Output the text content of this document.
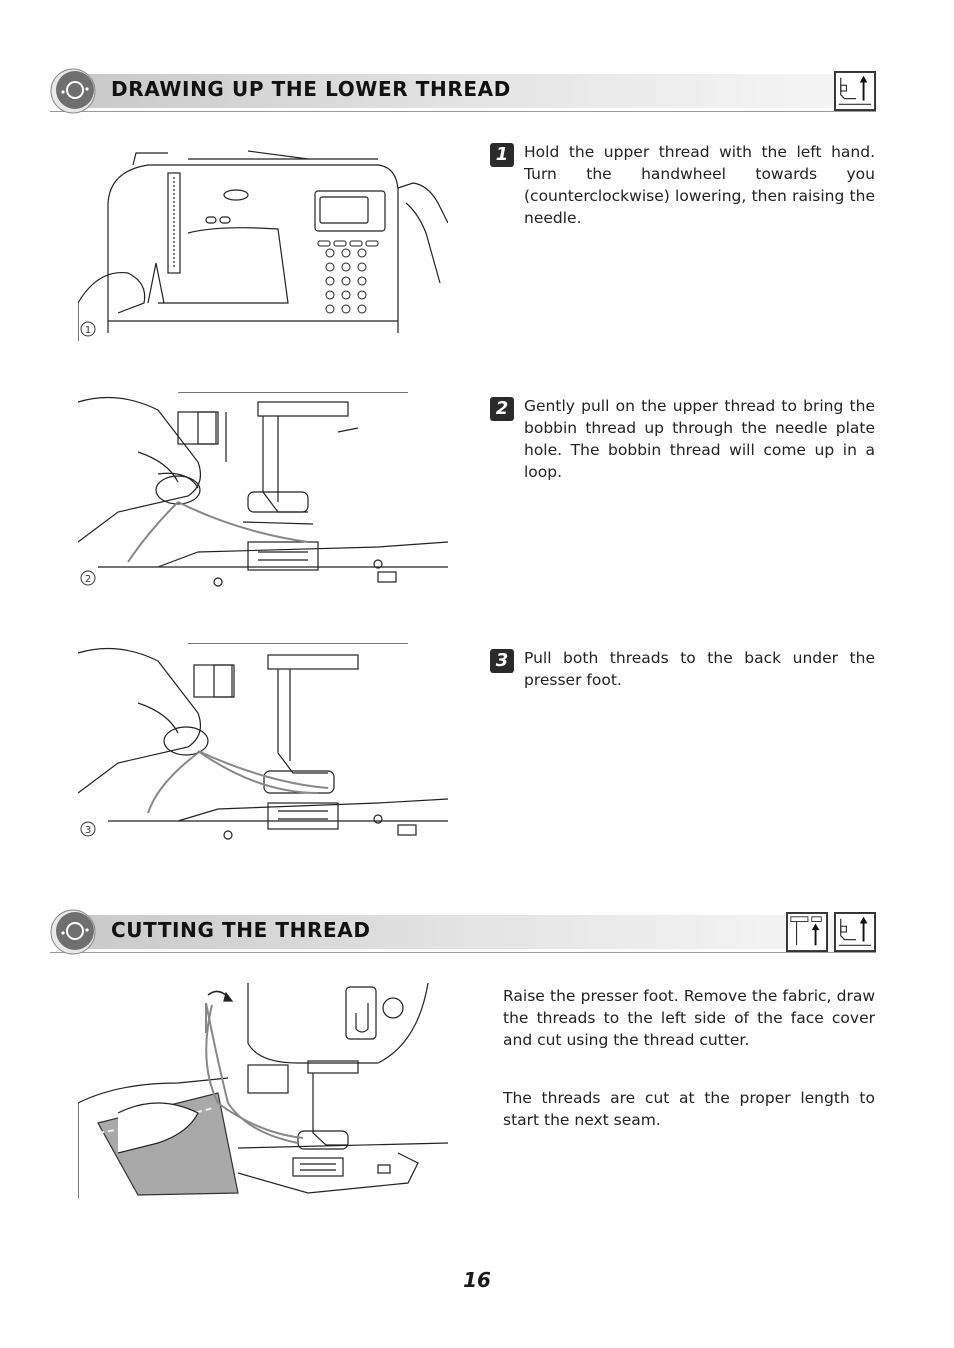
DRAWING UP THE LOWER THREAD
1
1	Hold the upper thread with the left hand. Turn the handwheel towards you (counterclockwise) lowering, then raising the needle.
2
2	Gently pull on the upper thread to bring the bobbin thread up through the needle plate hole. The bobbin thread will come up in a loop.
3
3	Pull both threads to the back under the presser foot.
CUTTING THE THREAD
Raise the presser foot. Remove the fabric, draw the threads to the left side of the face cover and cut using the thread cutter.
The threads are cut at the proper length to start the next seam.
16
